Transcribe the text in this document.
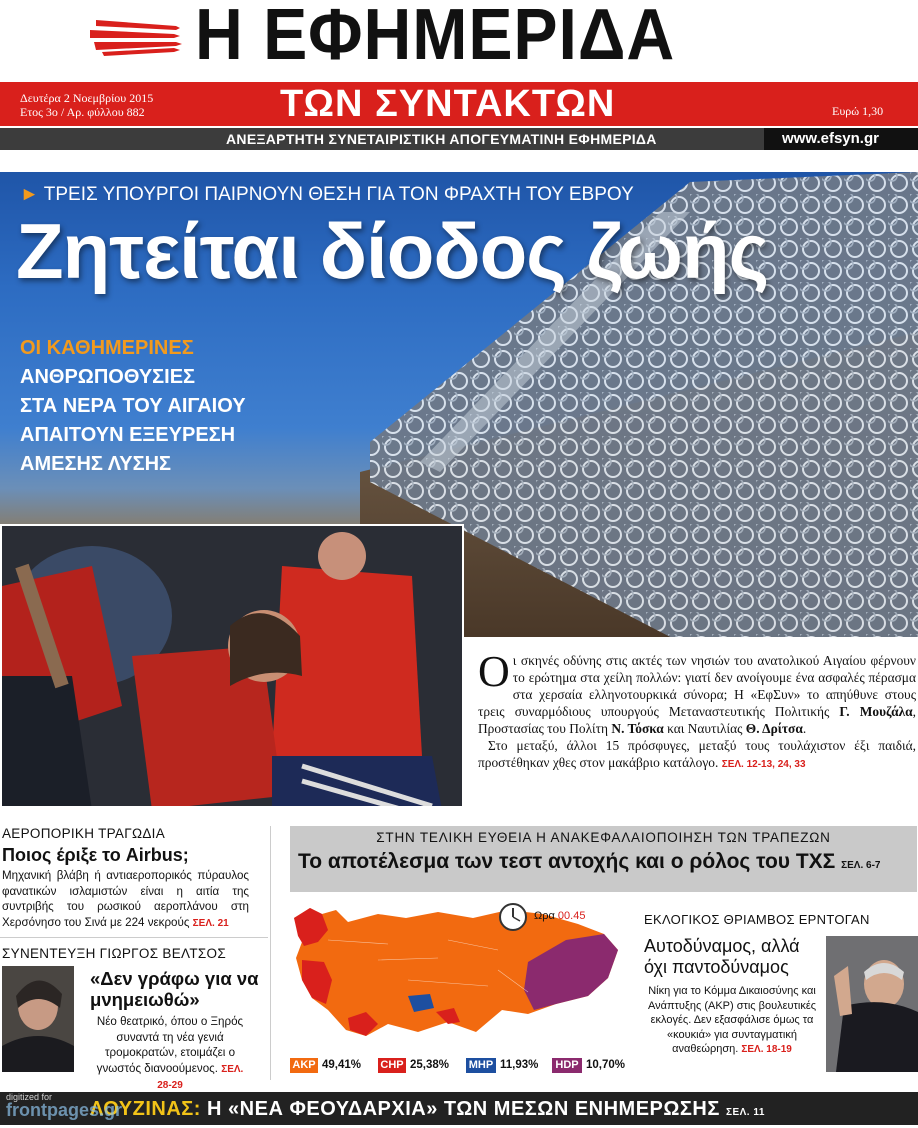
Η ΕΦΗΜΕΡΙΔΑ
Δευτέρα 2 Νοεμβρίου 2015
Ετος 3ο / Αρ. φύλλου 882	ΤΩΝ ΣΥΝΤΑΚΤΩΝ	Ευρώ 1,30
ΑΝΕΞΑΡΤΗΤΗ ΣΥΝΕΤΑΙΡΙΣΤΙΚΗ ΑΠΟΓΕΥΜΑΤΙΝΗ ΕΦΗΜΕΡΙΔΑ	www.efsyn.gr
► ΤΡΕΙΣ ΥΠΟΥΡΓΟΙ ΠΑΙΡΝΟΥΝ ΘΕΣΗ ΓΙΑ ΤΟΝ ΦΡΑΧΤΗ ΤΟΥ ΕΒΡΟΥ
Ζητείται δίοδος ζωής
ΟΙ ΚΑΘΗΜΕΡΙΝΕΣ
ΑΝΘΡΩΠΟΘΥΣΙΕΣ
ΣΤΑ ΝΕΡΑ ΤΟΥ ΑΙΓΑΙΟΥ
ΑΠΑΙΤΟΥΝ ΕΞΕΥΡΕΣΗ
ΑΜΕΣΗΣ ΛΥΣΗΣ
Οι σκηνές οδύνης στις ακτές των νησιών του ανατολικού Αιγαίου φέρνουν το ερώτημα στα χείλη πολλών: γιατί δεν ανοίγουμε ένα ασφαλές πέρασμα στα χερσαία ελληνοτουρκικά σύνορα; Η «ΕφΣυν» το απηύθυνε στους τρεις συναρμόδιους υπουργούς Μεταναστευτικής Πολιτικής Γ. Μουζάλα, Προστασίας του Πολίτη Ν. Τόσκα και Ναυτιλίας Θ. Δρίτσα.
Στο μεταξύ, άλλοι 15 πρόσφυγες, μεταξύ τους τουλάχιστον έξι παιδιά, προστέθηκαν χθες στον μακάβριο κατάλογο. ΣΕΛ. 12-13, 24, 33
ΑΕΡΟΠΟΡΙΚΗ ΤΡΑΓΩΔΙΑ
Ποιος έριξε το Airbus;
Μηχανική βλάβη ή αντιαεροπορικός πύραυλος φανατικών ισλαμιστών είναι η αιτία της συντριβής του ρωσικού αεροπλάνου στη Χερσόνησο του Σινά με 224 νεκρούς ΣΕΛ. 21
ΣΥΝΕΝΤΕΥΞΗ ΓΙΩΡΓΟΣ ΒΕΛΤΣΟΣ
«Δεν γράφω για να μνημειωθώ»
Νέο θεατρικό, όπου ο Ξηρός συναντά τη νέα γενιά τρομοκρατών, ετοιμάζει ο γνωστός διανοούμενος. ΣΕΛ. 28-29
ΣΤΗΝ ΤΕΛΙΚΗ ΕΥΘΕΙΑ Η ΑΝΑΚΕΦΑΛΑΙΟΠΟΙΗΣΗ ΤΩΝ ΤΡΑΠΕΖΩΝ
Το αποτέλεσμα των τεστ αντοχής και ο ρόλος του ΤΧΣ ΣΕΛ. 6-7
Ωρα 00.45
AKP 49,41% CHP 25,38% MHP 11,93%	HDP 10,70%
ΕΚΛΟΓΙΚΟΣ ΘΡΙΑΜΒΟΣ ΕΡΝΤΟΓΑΝ
Αυτοδύναμος, αλλά όχι παντοδύναμος
Νίκη για το Κόμμα Δικαιοσύνης και Ανάπτυξης (ΑΚΡ) στις βουλευτικές εκλογές. Δεν εξασφάλισε όμως τα «κουκιά» για συνταγματική αναθεώρηση. ΣΕΛ. 18-19
ΛΟΥΖΙΝΑΣ: Η «ΝΕΑ ΦΕΟΥΔΑΡΧΙΑ» ΤΩΝ ΜΕΣΩΝ ΕΝΗΜΕΡΩΣΗΣ ΣΕΛ. 11
digitized for
frontpages.gr
